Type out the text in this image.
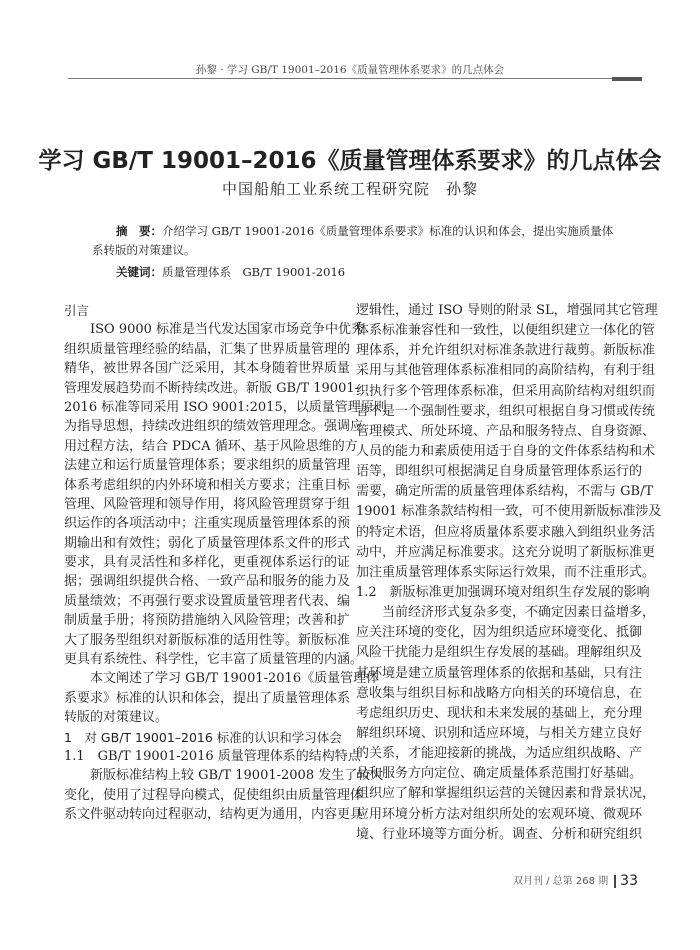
孙黎 · 学习 GB/T 19001–2016《质量管理体系要求》的几点体会
学习 GB/T 19001–2016《质量管理体系要求》的几点体会
中国船舶工业系统工程研究院　孙黎
摘　要：介绍学习 GB/T 19001-2016《质量管理体系要求》标准的认识和体会，提出实施质量体
系转版的对策建议。
关键词：质量管理体系　GB/T 19001-2016
引言
ISO 9000 标准是当代发达国家市场竞争中优秀
组织质量管理经验的结晶，汇集了世界质量管理的
精华，被世界各国广泛采用，其本身随着世界质量
管理发展趋势而不断持续改进。新版 GB/T 19001-
2016 标准等同采用 ISO 9001:2015，以质量管理原则
为指导思想，持续改进组织的绩效管理理念。强调应
用过程方法，结合 PDCA 循环、基于风险思维的方
法建立和运行质量管理体系；要求组织的质量管理
体系考虑组织的内外环境和相关方要求；注重目标
管理、风险管理和领导作用，将风险管理贯穿于组
织运作的各项活动中；注重实现质量管理体系的预
期输出和有效性；弱化了质量管理体系文件的形式
要求，具有灵活性和多样化，更重视体系运行的证
据；强调组织提供合格、一致产品和服务的能力及
质量绩效；不再强行要求设置质量管理者代表、编
制质量手册；将预防措施纳入风险管理；改善和扩
大了服务型组织对新版标准的适用性等。新版标准
更具有系统性、科学性，它丰富了质量管理的内涵。
本文阐述了学习 GB/T 19001-2016《质量管理体
系要求》标准的认识和体会，提出了质量管理体系
转版的对策建议。
1　对 GB/T 19001–2016 标准的认识和学习体会
1.1　GB/T 19001-2016 质量管理体系的结构特点
新版标准结构上较 GB/T 19001-2008 发生了较大
变化，使用了过程导向模式，促使组织由质量管理体
系文件驱动转向过程驱动，结构更为通用，内容更具
逻辑性，通过 ISO 导则的附录 SL，增强同其它管理
体系标准兼容性和一致性，以便组织建立一体化的管
理体系，并允许组织对标准条款进行裁剪。新版标准
采用与其他管理体系标准相同的高阶结构，有利于组
织执行多个管理体系标准，但采用高阶结构对组织而
言不是一个强制性要求，组织可根据自身习惯或传统
管理模式、所处环境、产品和服务特点、自身资源、
人员的能力和素质使用适于自身的文件体系结构和术
语等，即组织可根据满足自身质量管理体系运行的
需要，确定所需的质量管理体系结构，不需与 GB/T
19001 标准条款结构相一致，可不使用新版标准涉及
的特定术语，但应将质量体系要求融入到组织业务活
动中，并应满足标准要求。这充分说明了新版标准更
加注重质量管理体系实际运行效果，而不注重形式。
1.2　新版标准更加强调环境对组织生存发展的影响
当前经济形式复杂多变，不确定因素日益增多，
应关注环境的变化，因为组织适应环境变化、抵御
风险干扰能力是组织生存发展的基础。理解组织及
其环境是建立质量管理体系的依据和基础，只有注
意收集与组织目标和战略方向相关的环境信息，在
考虑组织历史、现状和未来发展的基础上，充分理
解组织环境、识别和适应环境，与相关方建立良好
的关系，才能迎接新的挑战，为适应组织战略、产
品和服务方向定位、确定质量体系范围打好基础。
组织应了解和掌握组织运营的关键因素和背景状况，
应用环境分析方法对组织所处的宏观环境、微观环
境、行业环境等方面分析。调查、分析和研究组织
双月刊 / 总第 268 期 33
